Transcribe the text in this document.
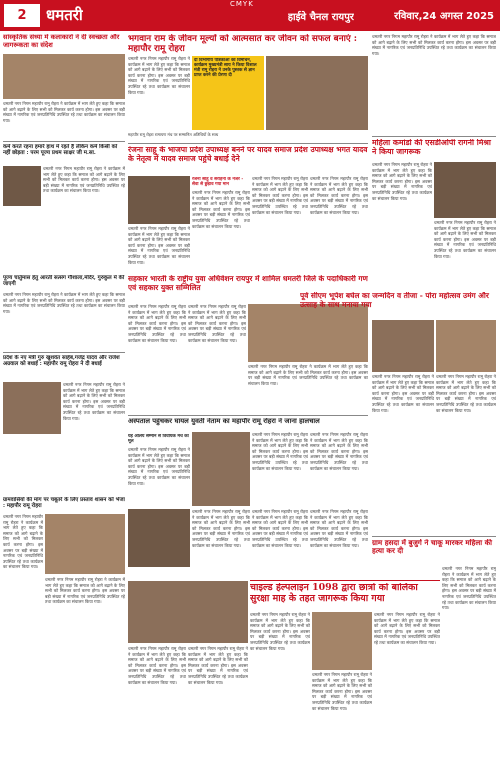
2	धमतरी
CMYK
हाईवे चैनल रायपुर	रविवार,24 अगस्त 2025
सांस्कृतिक संध्या में कलाकारों ने दी स्वच्छता और जागरूकता का संदेश
धमतरी नगर निगम महापौर रामू रोहरा ने कार्यक्रम में भाग लेते हुए कहा कि समाज को आगे बढ़ाने के लिए सभी को मिलकर कार्य करना होगा। इस अवसर पर बड़ी संख्या में नागरिक एवं जनप्रतिनिधि उपस्थित रहे तथा कार्यक्रम का संचालन किया गया।
कर्म करते रहना हमारे हाथ में रहते हैं लेकिन कर्म किसी को नहीं छोड़ता : परम पूज्य प्रथम साक्षर जी म.सा.
धमतरी नगर निगम महापौर रामू रोहरा ने कार्यक्रम में भाग लेते हुए कहा कि समाज को आगे बढ़ाने के लिए सभी को मिलकर कार्य करना होगा। इस अवसर पर बड़ी संख्या में नागरिक एवं जनप्रतिनिधि उपस्थित रहे तथा कार्यक्रम का संचालन किया गया।
पूज्य चार्तुमास हेतु आरती सत्संग गौशाला,मंदिर, गुरुकुल में की जाएगी
धमतरी नगर निगम महापौर रामू रोहरा ने कार्यक्रम में भाग लेते हुए कहा कि समाज को आगे बढ़ाने के लिए सभी को मिलकर कार्य करना होगा। इस अवसर पर बड़ी संख्या में नागरिक एवं जनप्रतिनिधि उपस्थित रहे तथा कार्यक्रम का संचालन किया गया।
प्रदेश के नए मंत्री गुरु खुशवंत साहेब,गजेंद्र यादव और राजेश अग्रवाल को बधाई : महापौर रामू रोहरा ने दी बधाई
धमतरी नगर निगम महापौर रामू रोहरा ने कार्यक्रम में भाग लेते हुए कहा कि समाज को आगे बढ़ाने के लिए सभी को मिलकर कार्य करना होगा। इस अवसर पर बड़ी संख्या में नागरिक एवं जनप्रतिनिधि उपस्थित रहे तथा कार्यक्रम का संचालन किया गया।
ग्रामवासियों की मांग पर चबूतरे के लिए प्रस्ताव शासन को भेजा : महापौर रामू रोहरा
धमतरी नगर निगम महापौर रामू रोहरा ने कार्यक्रम में भाग लेते हुए कहा कि समाज को आगे बढ़ाने के लिए सभी को मिलकर कार्य करना होगा। इस अवसर पर बड़ी संख्या में नागरिक एवं जनप्रतिनिधि उपस्थित रहे तथा कार्यक्रम का संचालन किया गया।
धमतरी नगर निगम महापौर रामू रोहरा ने कार्यक्रम में भाग लेते हुए कहा कि समाज को आगे बढ़ाने के लिए सभी को मिलकर कार्य करना होगा। इस अवसर पर बड़ी संख्या में नागरिक एवं जनप्रतिनिधि उपस्थित रहे तथा कार्यक्रम का संचालन किया गया।
भगवान राम के जीवन मूल्यों को आत्मसात कर जीवन को सफल बनाएं : महापौर रामू रोहरा
धमतरी नगर निगम महापौर रामू रोहरा ने कार्यक्रम में भाग लेते हुए कहा कि समाज को आगे बढ़ाने के लिए सभी को मिलकर कार्य करना होगा। इस अवसर पर बड़ी संख्या में नागरिक एवं जनप्रतिनिधि उपस्थित रहे तथा कार्यक्रम का संचालन किया गया।
दो विभागीय पत्रिकाओं का विमोचन, कार्यक्रम मुख्यमंत्री साय ने किया विशाल मंत्री रामू रोहरा ने उनके पुस्तक से ज्ञान प्राप्त करने की प्रेरणा दी
महापौर रामू रोहरा रामायण मंच पर सम्मानित अतिथियों के साथ
रंजना साहू के भाजपा प्रदेश उपाध्यक्ष बनने पर यादव समाज प्रदेश उपाध्यक्ष भगत यादव के नेतृत्व में यादव समाज पहुंचे बधाई देने
रंजना साहू व सराहना के नजर - सेवा से छुड़ाव गया मान
धमतरी नगर निगम महापौर रामू रोहरा ने कार्यक्रम में भाग लेते हुए कहा कि समाज को आगे बढ़ाने के लिए सभी को मिलकर कार्य करना होगा। इस अवसर पर बड़ी संख्या में नागरिक एवं जनप्रतिनिधि उपस्थित रहे तथा कार्यक्रम का संचालन किया गया।
धमतरी नगर निगम महापौर रामू रोहरा ने कार्यक्रम में भाग लेते हुए कहा कि समाज को आगे बढ़ाने के लिए सभी को मिलकर कार्य करना होगा। इस अवसर पर बड़ी संख्या में नागरिक एवं जनप्रतिनिधि उपस्थित रहे तथा कार्यक्रम का संचालन किया गया।
धमतरी नगर निगम महापौर रामू रोहरा ने कार्यक्रम में भाग लेते हुए कहा कि समाज को आगे बढ़ाने के लिए सभी को मिलकर कार्य करना होगा। इस अवसर पर बड़ी संख्या में नागरिक एवं जनप्रतिनिधि उपस्थित रहे तथा कार्यक्रम का संचालन किया गया।
धमतरी नगर निगम महापौर रामू रोहरा ने कार्यक्रम में भाग लेते हुए कहा कि समाज को आगे बढ़ाने के लिए सभी को मिलकर कार्य करना होगा। इस अवसर पर बड़ी संख्या में नागरिक एवं जनप्रतिनिधि उपस्थित रहे तथा कार्यक्रम का संचालन किया गया।
सहकार भारती के राष्ट्रीय युवा अधिवेशन रायपुर में शामिल धमतरी जिले के पदाधिकारी गण एवं सहकार युक्त सम्मिलित
धमतरी नगर निगम महापौर रामू रोहरा ने कार्यक्रम में भाग लेते हुए कहा कि समाज को आगे बढ़ाने के लिए सभी को मिलकर कार्य करना होगा। इस अवसर पर बड़ी संख्या में नागरिक एवं जनप्रतिनिधि उपस्थित रहे तथा कार्यक्रम का संचालन किया गया।
धमतरी नगर निगम महापौर रामू रोहरा ने कार्यक्रम में भाग लेते हुए कहा कि समाज को आगे बढ़ाने के लिए सभी को मिलकर कार्य करना होगा। इस अवसर पर बड़ी संख्या में नागरिक एवं जनप्रतिनिधि उपस्थित रहे तथा कार्यक्रम का संचालन किया गया।
धमतरी नगर निगम महापौर रामू रोहरा ने कार्यक्रम में भाग लेते हुए कहा कि समाज को आगे बढ़ाने के लिए सभी को मिलकर कार्य करना होगा। इस अवसर पर बड़ी संख्या में नागरिक एवं जनप्रतिनिधि उपस्थित रहे तथा कार्यक्रम का संचालन किया गया।
अस्पताल पहुंचकर घायल युवती नेताम का महापौर रामू रोहरा ने जाना हालचाल
यह आलय सम्मान से विधायक मंच का मूल
धमतरी नगर निगम महापौर रामू रोहरा ने कार्यक्रम में भाग लेते हुए कहा कि समाज को आगे बढ़ाने के लिए सभी को मिलकर कार्य करना होगा। इस अवसर पर बड़ी संख्या में नागरिक एवं जनप्रतिनिधि उपस्थित रहे तथा कार्यक्रम का संचालन किया गया।
धमतरी नगर निगम महापौर रामू रोहरा ने कार्यक्रम में भाग लेते हुए कहा कि समाज को आगे बढ़ाने के लिए सभी को मिलकर कार्य करना होगा। इस अवसर पर बड़ी संख्या में नागरिक एवं जनप्रतिनिधि उपस्थित रहे तथा कार्यक्रम का संचालन किया गया।
धमतरी नगर निगम महापौर रामू रोहरा ने कार्यक्रम में भाग लेते हुए कहा कि समाज को आगे बढ़ाने के लिए सभी को मिलकर कार्य करना होगा। इस अवसर पर बड़ी संख्या में नागरिक एवं जनप्रतिनिधि उपस्थित रहे तथा कार्यक्रम का संचालन किया गया।
धमतरी नगर निगम महापौर रामू रोहरा ने कार्यक्रम में भाग लेते हुए कहा कि समाज को आगे बढ़ाने के लिए सभी को मिलकर कार्य करना होगा। इस अवसर पर बड़ी संख्या में नागरिक एवं जनप्रतिनिधि उपस्थित रहे तथा कार्यक्रम का संचालन किया गया।
धमतरी नगर निगम महापौर रामू रोहरा ने कार्यक्रम में भाग लेते हुए कहा कि समाज को आगे बढ़ाने के लिए सभी को मिलकर कार्य करना होगा। इस अवसर पर बड़ी संख्या में नागरिक एवं जनप्रतिनिधि उपस्थित रहे तथा कार्यक्रम का संचालन किया गया।
धमतरी नगर निगम महापौर रामू रोहरा ने कार्यक्रम में भाग लेते हुए कहा कि समाज को आगे बढ़ाने के लिए सभी को मिलकर कार्य करना होगा। इस अवसर पर बड़ी संख्या में नागरिक एवं जनप्रतिनिधि उपस्थित रहे तथा कार्यक्रम का संचालन किया गया।
चाइल्ड हेल्पलाइन 1098 द्वारा छात्रों को बालिका सुरक्षा माह के तहत जागरूक किया गया
धमतरी नगर निगम महापौर रामू रोहरा ने कार्यक्रम में भाग लेते हुए कहा कि समाज को आगे बढ़ाने के लिए सभी को मिलकर कार्य करना होगा। इस अवसर पर बड़ी संख्या में नागरिक एवं जनप्रतिनिधि उपस्थित रहे तथा कार्यक्रम का संचालन किया गया।
धमतरी नगर निगम महापौर रामू रोहरा ने कार्यक्रम में भाग लेते हुए कहा कि समाज को आगे बढ़ाने के लिए सभी को मिलकर कार्य करना होगा। इस अवसर पर बड़ी संख्या में नागरिक एवं जनप्रतिनिधि उपस्थित रहे तथा कार्यक्रम का संचालन किया गया।
धमतरी नगर निगम महापौर रामू रोहरा ने कार्यक्रम में भाग लेते हुए कहा कि समाज को आगे बढ़ाने के लिए सभी को मिलकर कार्य करना होगा। इस अवसर पर बड़ी संख्या में नागरिक एवं जनप्रतिनिधि उपस्थित रहे तथा कार्यक्रम का संचालन किया गया।
धमतरी नगर निगम महापौर रामू रोहरा ने कार्यक्रम में भाग लेते हुए कहा कि समाज को आगे बढ़ाने के लिए सभी को मिलकर कार्य करना होगा। इस अवसर पर बड़ी संख्या में नागरिक एवं जनप्रतिनिधि उपस्थित रहे तथा कार्यक्रम का संचालन किया गया।
धमतरी नगर निगम महापौर रामू रोहरा ने कार्यक्रम में भाग लेते हुए कहा कि समाज को आगे बढ़ाने के लिए सभी को मिलकर कार्य करना होगा। इस अवसर पर बड़ी संख्या में नागरिक एवं जनप्रतिनिधि उपस्थित रहे तथा कार्यक्रम का संचालन किया गया।
धमतरी नगर निगम महापौर रामू रोहरा ने कार्यक्रम में भाग लेते हुए कहा कि समाज को आगे बढ़ाने के लिए सभी को मिलकर कार्य करना होगा। इस अवसर पर बड़ी संख्या में नागरिक एवं जनप्रतिनिधि उपस्थित रहे तथा कार्यक्रम का संचालन किया गया।
महिला कमांडो की एसडीओपी रागनी मिश्रा ने किया जागरूक
धमतरी नगर निगम महापौर रामू रोहरा ने कार्यक्रम में भाग लेते हुए कहा कि समाज को आगे बढ़ाने के लिए सभी को मिलकर कार्य करना होगा। इस अवसर पर बड़ी संख्या में नागरिक एवं जनप्रतिनिधि उपस्थित रहे तथा कार्यक्रम का संचालन किया गया।
धमतरी नगर निगम महापौर रामू रोहरा ने कार्यक्रम में भाग लेते हुए कहा कि समाज को आगे बढ़ाने के लिए सभी को मिलकर कार्य करना होगा। इस अवसर पर बड़ी संख्या में नागरिक एवं जनप्रतिनिधि उपस्थित रहे तथा कार्यक्रम का संचालन किया गया।
पूर्व सीएम भूपेश बघेल का जन्मदिन व तीजा - पोरा महोत्सव उमंग और उत्साह के साथ मनाया गया
धमतरी नगर निगम महापौर रामू रोहरा ने कार्यक्रम में भाग लेते हुए कहा कि समाज को आगे बढ़ाने के लिए सभी को मिलकर कार्य करना होगा। इस अवसर पर बड़ी संख्या में नागरिक एवं जनप्रतिनिधि उपस्थित रहे तथा कार्यक्रम का संचालन किया गया।
धमतरी नगर निगम महापौर रामू रोहरा ने कार्यक्रम में भाग लेते हुए कहा कि समाज को आगे बढ़ाने के लिए सभी को मिलकर कार्य करना होगा। इस अवसर पर बड़ी संख्या में नागरिक एवं जनप्रतिनिधि उपस्थित रहे तथा कार्यक्रम का संचालन किया गया।
ग्राम हसदा में बुजुर्ग ने चाकू मारकर महिला की हत्या कर दी
धमतरी नगर निगम महापौर रामू रोहरा ने कार्यक्रम में भाग लेते हुए कहा कि समाज को आगे बढ़ाने के लिए सभी को मिलकर कार्य करना होगा। इस अवसर पर बड़ी संख्या में नागरिक एवं जनप्रतिनिधि उपस्थित रहे तथा कार्यक्रम का संचालन किया गया।
